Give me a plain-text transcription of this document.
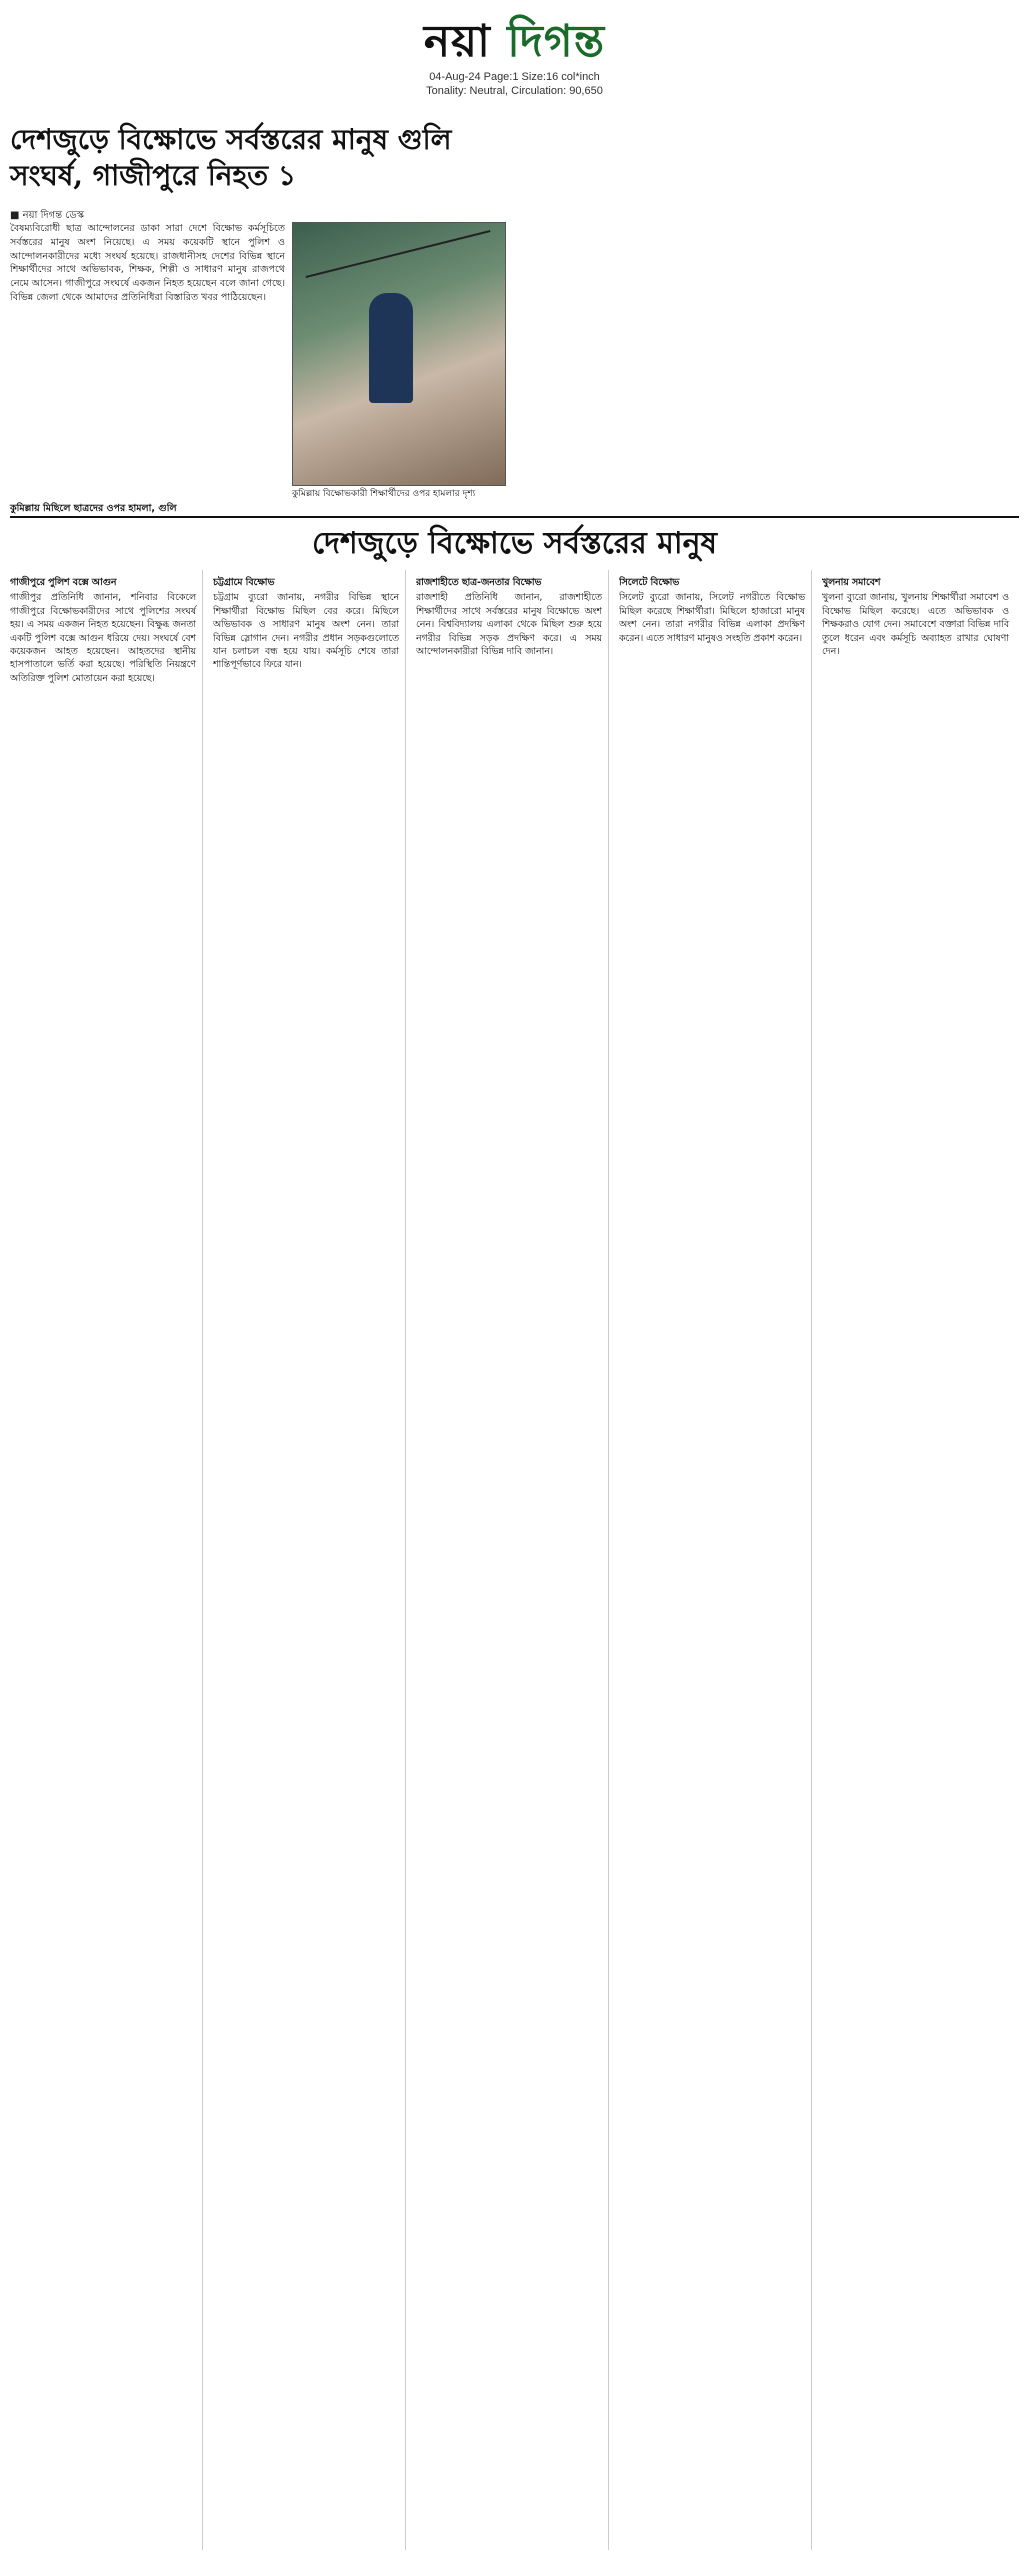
নয়া দিগন্ত
04-Aug-24 Page:1 Size:16 col*inch
Tonality: Neutral, Circulation: 90,650
দেশজুড়ে বিক্ষোভে সর্বস্তরের মানুষ গুলি সংঘর্ষ, গাজীপুরে নিহত ১
■ নয়া দিগন্ত ডেস্ক
বৈষম্যবিরোধী ছাত্র আন্দোলনের ডাকা সারা দেশে বিক্ষোভ কর্মসূচিতে সর্বস্তরের মানুষ অংশ নিয়েছে। এ সময় কয়েকটি স্থানে পুলিশ ও আন্দোলনকারীদের মধ্যে সংঘর্ষ হয়েছে। রাজধানীসহ দেশের বিভিন্ন স্থানে শিক্ষার্থীদের সাথে অভিভাবক, শিক্ষক, শিল্পী ও সাধারণ মানুষ রাজপথে নেমে আসেন। গাজীপুরে সংঘর্ষে একজন নিহত হয়েছেন বলে জানা গেছে। বিভিন্ন জেলা থেকে আমাদের প্রতিনিধিরা বিস্তারিত খবর পাঠিয়েছেন।
কুমিল্লায় বিক্ষোভকারী শিক্ষার্থীদের ওপর হামলার দৃশ্য
কুমিল্লায় মিছিলে ছাত্রদের ওপর হামলা, গুলি
দেশজুড়ে বিক্ষোভে সর্বস্তরের মানুষ

গাজীপুরে পুলিশ বক্সে আগুন

গাজীপুর প্রতিনিধি জানান, শনিবার বিকেলে গাজীপুরে বিক্ষোভকারীদের সাথে পুলিশের সংঘর্ষ হয়। এ সময় একজন নিহত হয়েছেন। বিক্ষুব্ধ জনতা একটি পুলিশ বক্সে আগুন ধরিয়ে দেয়। সংঘর্ষে বেশ কয়েকজন আহত হয়েছেন। আহতদের স্থানীয় হাসপাতালে ভর্তি করা হয়েছে। পরিস্থিতি নিয়ন্ত্রণে অতিরিক্ত পুলিশ মোতায়েন করা হয়েছে।

চট্টগ্রামে বিক্ষোভ

চট্টগ্রাম ব্যুরো জানায়, নগরীর বিভিন্ন স্থানে শিক্ষার্থীরা বিক্ষোভ মিছিল বের করে। মিছিলে অভিভাবক ও সাধারণ মানুষ অংশ নেন। তারা বিভিন্ন স্লোগান দেন। নগরীর প্রধান সড়কগুলোতে যান চলাচল বন্ধ হয়ে যায়। কর্মসূচি শেষে তারা শান্তিপূর্ণভাবে ফিরে যান।

রাজশাহীতে ছাত্র-জনতার বিক্ষোভ

রাজশাহী প্রতিনিধি জানান, রাজশাহীতে শিক্ষার্থীদের সাথে সর্বস্তরের মানুষ বিক্ষোভে অংশ নেন। বিশ্ববিদ্যালয় এলাকা থেকে মিছিল শুরু হয়ে নগরীর বিভিন্ন সড়ক প্রদক্ষিণ করে। এ সময় আন্দোলনকারীরা বিভিন্ন দাবি জানান।

সিলেটে বিক্ষোভ

সিলেট ব্যুরো জানায়, সিলেট নগরীতে বিক্ষোভ মিছিল করেছে শিক্ষার্থীরা। মিছিলে হাজারো মানুষ অংশ নেন। তারা নগরীর বিভিন্ন এলাকা প্রদক্ষিণ করেন। এতে সাধারণ মানুষও সংহতি প্রকাশ করেন।

খুলনায় সমাবেশ

খুলনা ব্যুরো জানায়, খুলনায় শিক্ষার্থীরা সমাবেশ ও বিক্ষোভ মিছিল করেছে। এতে অভিভাবক ও শিক্ষকরাও যোগ দেন। সমাবেশে বক্তারা বিভিন্ন দাবি তুলে ধরেন এবং কর্মসূচি অব্যাহত রাখার ঘোষণা দেন।
